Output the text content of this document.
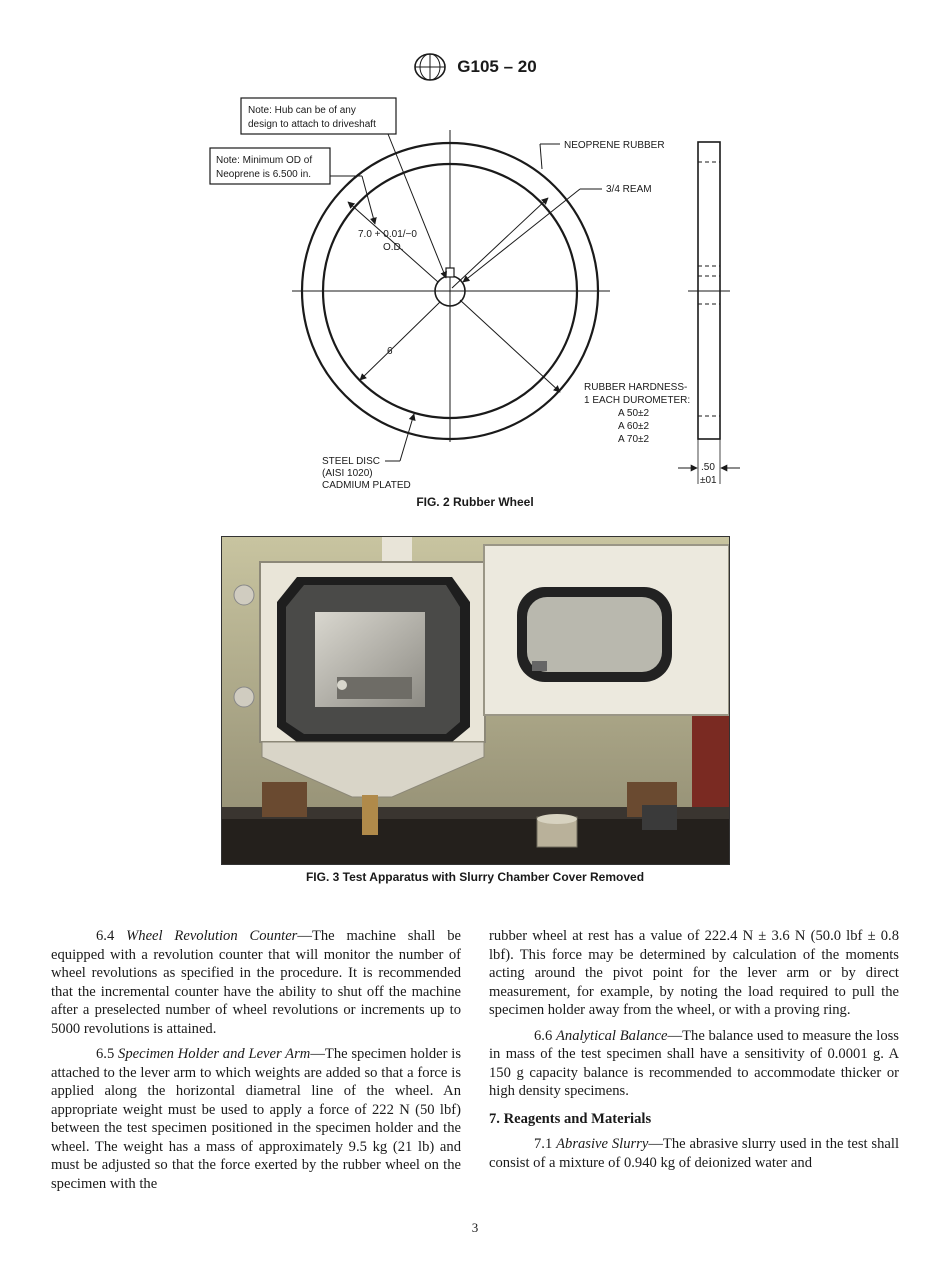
G105 – 20
Note: Hub can be of any
design to attach to driveshaft
Note: Minimum OD of
Neoprene is 6.500 in.
NEOPRENE RUBBER
3/4 REAM
7.0 + 0.01/−0
O.D.
6
RUBBER HARDNESS-
1 EACH DUROMETER:
A 50±2
A 60±2
A 70±2
STEEL DISC
(AISI 1020)
CADMIUM PLATED
.50
±01
FIG. 2 Rubber Wheel
FIG. 3 Test Apparatus with Slurry Chamber Cover Removed

6.4 Wheel Revolution Counter—The machine shall be equipped with a revolution counter that will monitor the number of wheel revolutions as specified in the procedure. It is recommended that the incremental counter have the ability to shut off the machine after a preselected number of wheel revolutions or increments up to 5000 revolutions is attained.

6.5 Specimen Holder and Lever Arm—The specimen holder is attached to the lever arm to which weights are added so that a force is applied along the horizontal diametral line of the wheel. An appropriate weight must be used to apply a force of 222 N (50 lbf) between the test specimen positioned in the specimen holder and the wheel. The weight has a mass of approximately 9.5 kg (21 lb) and must be adjusted so that the force exerted by the rubber wheel on the specimen with the

rubber wheel at rest has a value of 222.4 N ± 3.6 N (50.0 lbf ± 0.8 lbf). This force may be determined by calculation of the moments acting around the pivot point for the lever arm or by direct measurement, for example, by noting the load required to pull the specimen holder away from the wheel, or with a proving ring.

6.6 Analytical Balance—The balance used to measure the loss in mass of the test specimen shall have a sensitivity of 0.0001 g. A 150 g capacity balance is recommended to accommodate thicker or high density specimens.

7. Reagents and Materials

7.1 Abrasive Slurry—The abrasive slurry used in the test shall consist of a mixture of 0.940 kg of deionized water and

3
